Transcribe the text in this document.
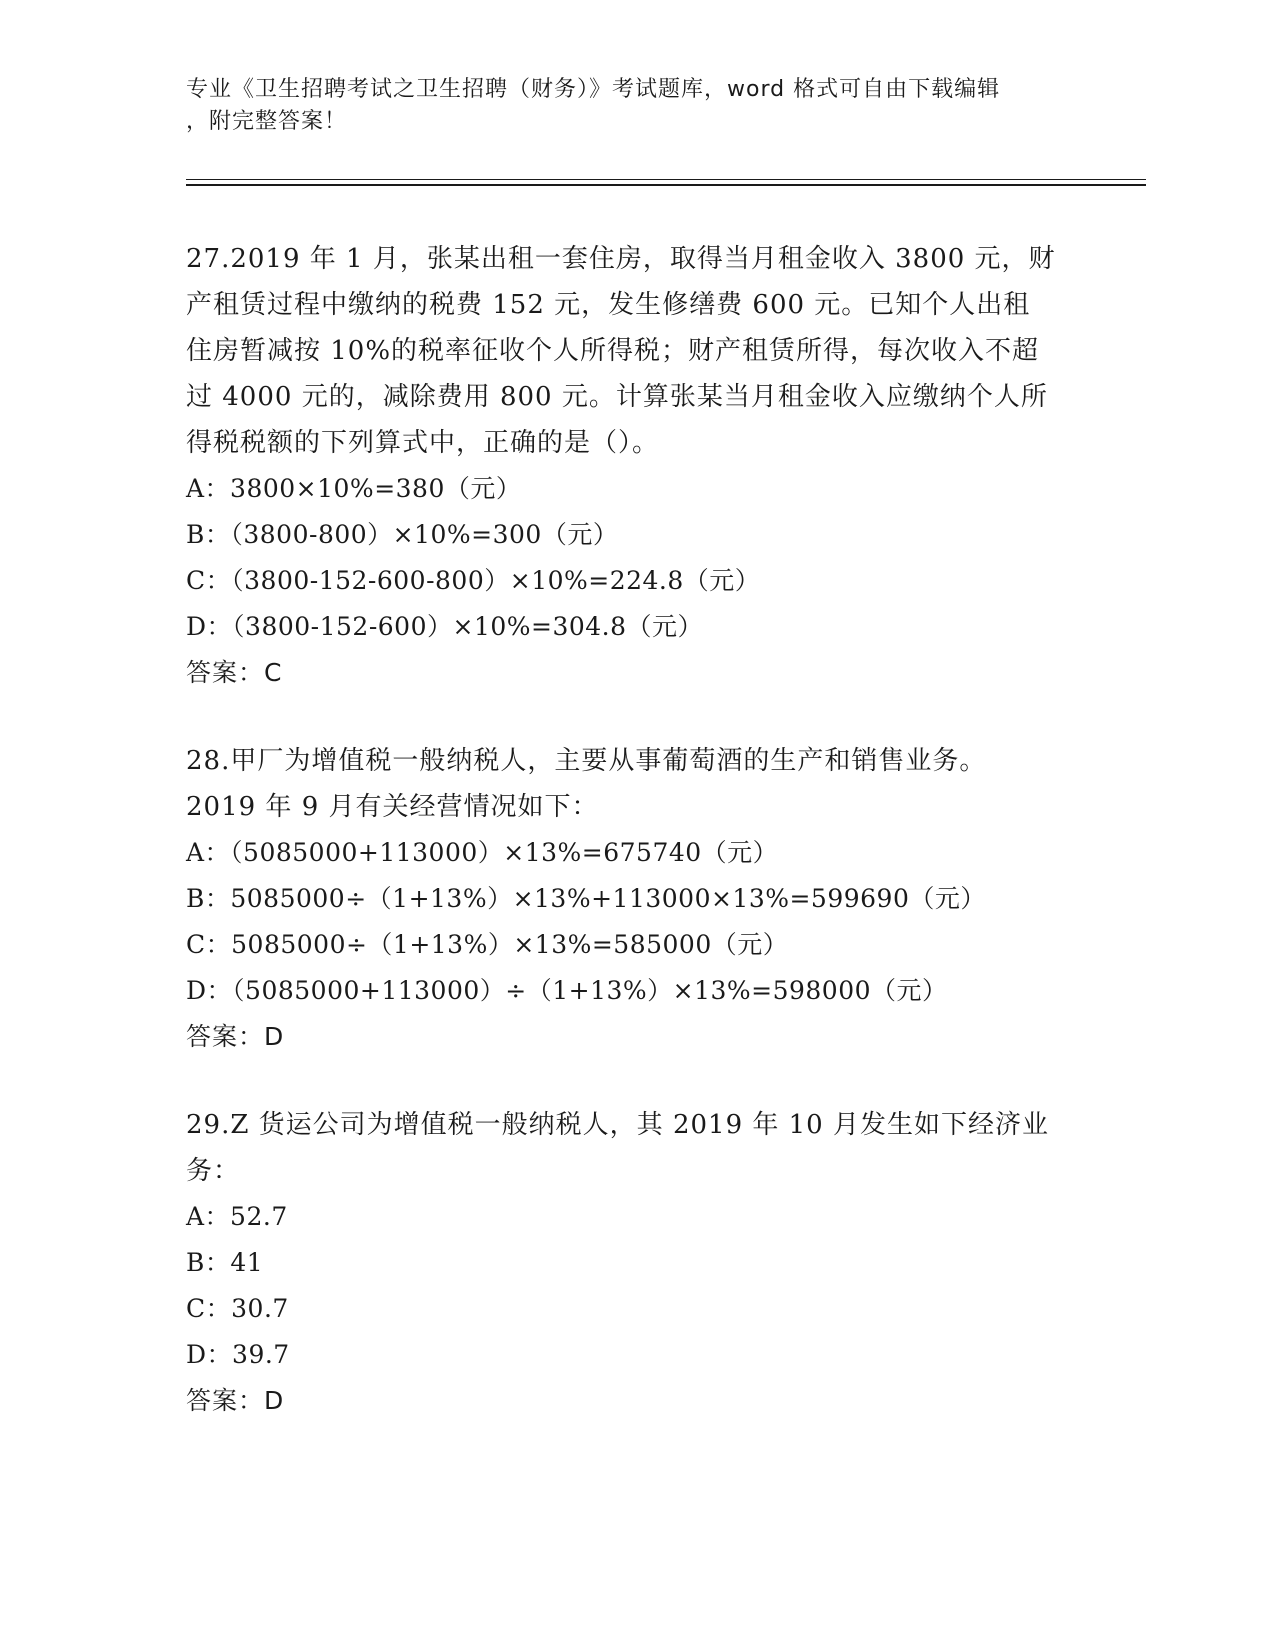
专业《卫生招聘考试之卫生招聘（财务）》考试题库，word 格式可自由下载编辑
，附完整答案！
27.2019 年 1 月，张某出租一套住房，取得当月租金收入 3800 元，财
产租赁过程中缴纳的税费 152 元，发生修缮费 600 元。已知个人出租
住房暂减按 10%的税率征收个人所得税；财产租赁所得，每次收入不超
过 4000 元的，减除费用 800 元。计算张某当月租金收入应缴纳个人所
得税税额的下列算式中，正确的是（）。
A：3800×10%=380（元）
B：（3800-800）×10%=300（元）
C：（3800-152-600-800）×10%=224.8（元）
D：（3800-152-600）×10%=304.8（元）
答案：C
28.甲厂为增值税一般纳税人，主要从事葡萄酒的生产和销售业务。
2019 年 9 月有关经营情况如下：
A：（5085000+113000）×13%=675740（元）
B：5085000÷（1+13%）×13%+113000×13%=599690（元）
C：5085000÷（1+13%）×13%=585000（元）
D：（5085000+113000）÷（1+13%）×13%=598000（元）
答案：D
29.Z 货运公司为增值税一般纳税人，其 2019 年 10 月发生如下经济业
务：
A：52.7
B：41
C：30.7
D：39.7
答案：D
